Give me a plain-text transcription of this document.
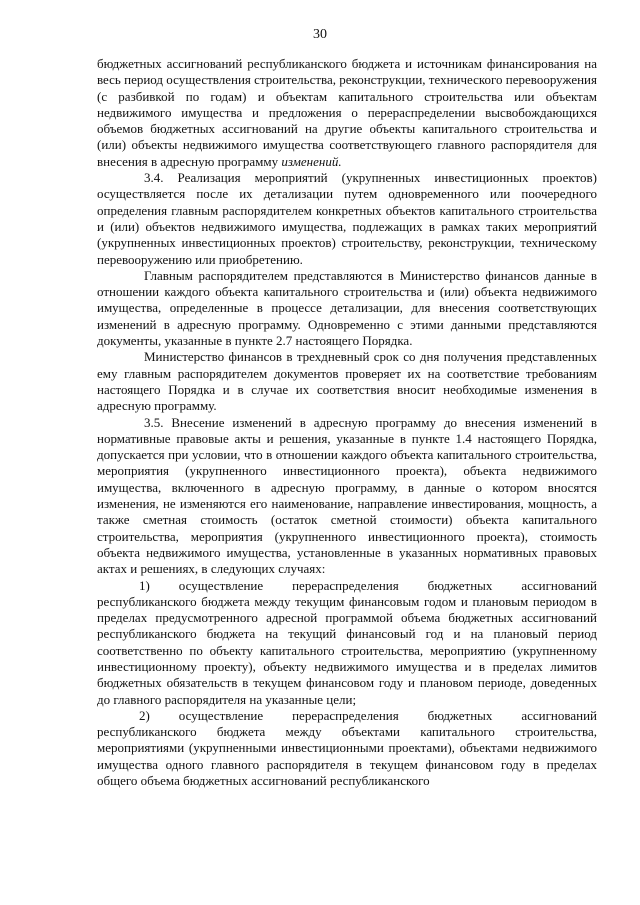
30

бюджетных ассигнований республиканского бюджета и источникам финансирования на весь период осуществления строительства, реконструкции, технического перевооружения (с разбивкой по годам) и объектам капитального строительства или объектам недвижимого имущества и предложения о перераспределении высвобождающихся объемов бюджетных ассигнований на другие объекты капитального строительства и (или) объекты недвижимого имущества соответствующего главного распорядителя для внесения в адресную программу изменений.

3.4. Реализация мероприятий (укрупненных инвестиционных проектов) осуществляется после их детализации путем одновременного или поочередного определения главным распорядителем конкретных объектов капитального строительства и (или) объектов недвижимого имущества, подлежащих в рамках таких мероприятий (укрупненных инвестиционных проектов) строительству, реконструкции, техническому перевооружению или приобретению.

Главным распорядителем представляются в Министерство финансов данные в отношении каждого объекта капитального строительства и (или) объекта недвижимого имущества, определенные в процессе детализации, для внесения соответствующих изменений в адресную программу. Одновременно с этими данными представляются документы, указанные в пункте 2.7 настоящего Порядка.

Министерство финансов в трехдневный срок со дня получения представленных ему главным распорядителем документов проверяет их на соответствие требованиям настоящего Порядка и в случае их соответствия вносит необходимые изменения в адресную программу.

3.5. Внесение изменений в адресную программу до внесения изменений в нормативные правовые акты и решения, указанные в пункте 1.4 настоящего Порядка, допускается при условии, что в отношении каждого объекта капитального строительства, мероприятия (укрупненного инвестиционного проекта), объекта недвижимого имущества, включенного в адресную программу, в данные о котором вносятся изменения, не изменяются его наименование, направление инвестирования, мощность, а также сметная стоимость (остаток сметной стоимости) объекта капитального строительства, мероприятия (укрупненного инвестиционного проекта), стоимость объекта недвижимого имущества, установленные в указанных нормативных правовых актах и решениях, в следующих случаях:

1) осуществление перераспределения бюджетных ассигнований республиканского бюджета между текущим финансовым годом и плановым периодом в пределах предусмотренного адресной программой объема бюджетных ассигнований республиканского бюджета на текущий финансовый год и на плановый период соответственно по объекту капитального строительства, мероприятию (укрупненному инвестиционному проекту), объекту недвижимого имущества и в пределах лимитов бюджетных обязательств в текущем финансовом году и плановом периоде, доведенных до главного распорядителя на указанные цели;

2) осуществление перераспределения бюджетных ассигнований республиканского бюджета между объектами капитального строительства, мероприятиями (укрупненными инвестиционными проектами), объектами недвижимого имущества одного главного распорядителя в текущем финансовом году в пределах общего объема бюджетных ассигнований республиканского
